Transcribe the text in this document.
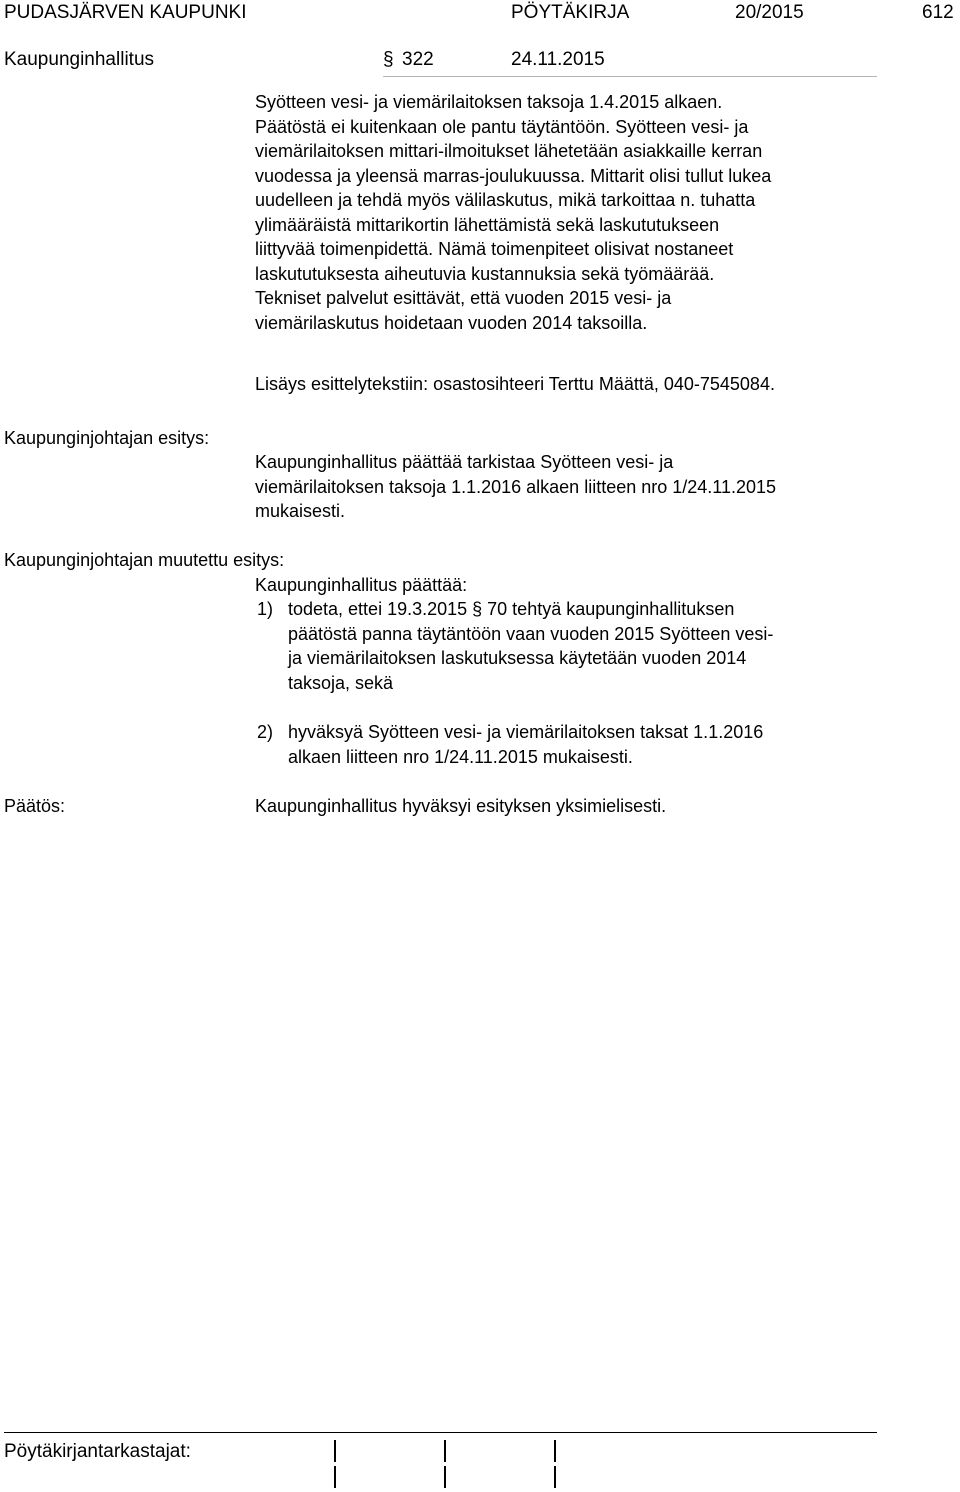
PUDASJÄRVEN KAUPUNKI	PÖYTÄKIRJA	20/2015	612
Kaupunginhallitus	§ 322	24.11.2015
Syötteen vesi- ja viemärilaitoksen taksoja 1.4.2015 alkaen.
Päätöstä ei kuitenkaan ole pantu täytäntöön. Syötteen vesi- ja
viemärilaitoksen mittari-ilmoitukset lähetetään asiakkaille kerran
vuodessa ja yleensä marras-joulukuussa. Mittarit olisi tullut lukea
uudelleen ja tehdä myös välilaskutus, mikä tarkoittaa n. tuhatta
ylimääräistä mittarikortin lähettämistä sekä laskututukseen
liittyvää toimenpidettä. Nämä toimenpiteet olisivat nostaneet
laskututuksesta aiheutuvia kustannuksia sekä työmäärää.
Tekniset palvelut esittävät, että vuoden 2015 vesi- ja
viemärilaskutus hoidetaan vuoden 2014 taksoilla.
Lisäys esittelytekstiin: osastosihteeri Terttu Määttä, 040-7545084.
Kaupunginjohtajan esitys:
Kaupunginhallitus päättää tarkistaa Syötteen vesi- ja
viemärilaitoksen taksoja 1.1.2016 alkaen liitteen nro 1/24.11.2015
mukaisesti.
Kaupunginjohtajan muutettu esitys:
Kaupunginhallitus päättää:
1) todeta, ettei 19.3.2015 § 70 tehtyä kaupunginhallituksen
päätöstä panna täytäntöön vaan vuoden 2015 Syötteen vesi-
ja viemärilaitoksen laskutuksessa käytetään vuoden 2014
taksoja, sekä
2) hyväksyä Syötteen vesi- ja viemärilaitoksen taksat 1.1.2016
alkaen liitteen nro 1/24.11.2015 mukaisesti.
Päätös:	Kaupunginhallitus hyväksyi esityksen yksimielisesti.
Pöytäkirjantarkastajat:
